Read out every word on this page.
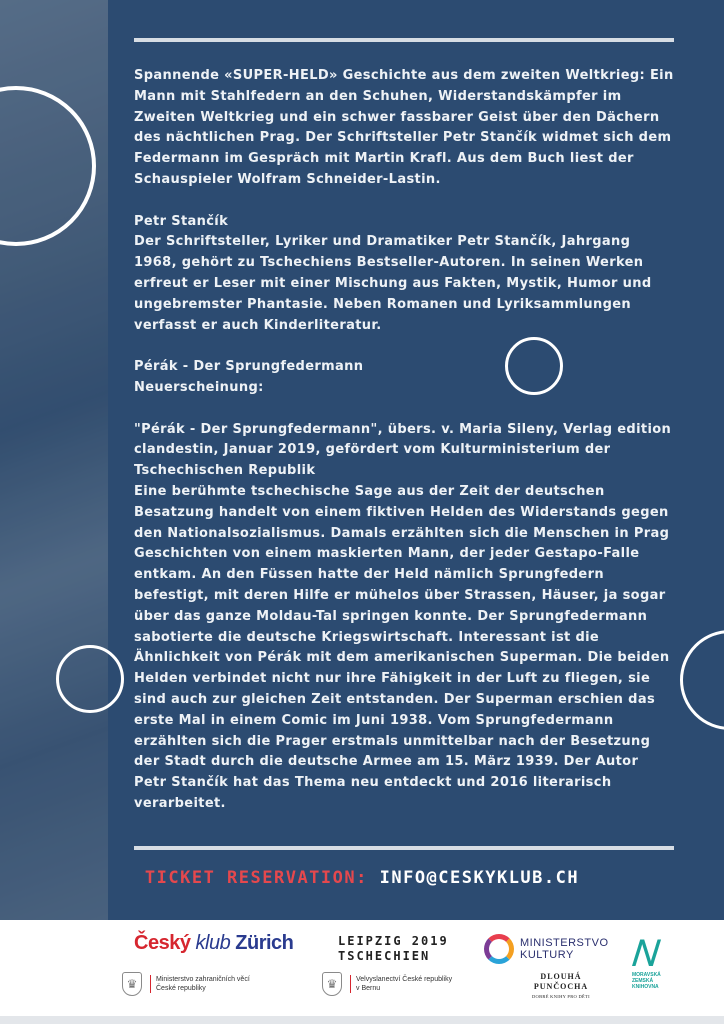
Spannende «SUPER-HELD» Geschichte aus dem zweiten Weltkrieg: Ein Mann mit Stahlfedern an den Schuhen, Widerstandskämpfer im Zweiten Weltkrieg und ein schwer fassbarer Geist über den Dächern des nächtlichen Prag. Der Schriftsteller Petr Stančík widmet sich dem Federmann im Gespräch mit Martin Krafl. Aus dem Buch liest der Schauspieler Wolfram Schneider-Lastin.

Petr Stančík

Der Schriftsteller, Lyriker und Dramatiker Petr Stančík, Jahrgang 1968, gehört zu Tschechiens Bestseller-Autoren. In seinen Werken erfreut er Leser mit einer Mischung aus Fakten, Mystik, Humor und ungebremster Phantasie. Neben Romanen und Lyriksammlungen verfasst er auch Kinderliteratur.

Pérák - Der Sprungfedermann

Neuerscheinung:

"Pérák - Der Sprungfedermann", übers. v. Maria Sileny, Verlag edition clandestin, Januar 2019, gefördert vom Kulturministerium der Tschechischen Republik

Eine berühmte tschechische Sage aus der Zeit der deutschen Besatzung handelt von einem fiktiven Helden des Widerstands gegen den Nationalsozialismus. Damals erzählten sich die Menschen in Prag Geschichten von einem maskierten Mann, der jeder Gestapo-Falle entkam. An den Füssen hatte der Held nämlich Sprungfedern befestigt, mit deren Hilfe er mühelos über Strassen, Häuser, ja sogar über das ganze Moldau-Tal springen konnte. Der Sprungfedermann sabotierte die deutsche Kriegswirtschaft. Interessant ist die Ähnlichkeit von Pérák mit dem amerikanischen Superman. Die beiden Helden verbindet nicht nur ihre Fähigkeit in der Luft zu fliegen, sie sind auch zur gleichen Zeit entstanden. Der Superman erschien das erste Mal in einem Comic im Juni 1938. Vom Sprungfedermann erzählten sich die Prager erstmals unmittelbar nach der Besetzung der Stadt durch die deutsche Armee am 15. März 1939. Der Autor Petr Stančík hat das Thema neu entdeckt und 2016 literarisch verarbeitet.

TICKET RESERVATION: INFO@CESKYKLUB.CH
Český klub Zürich
♛	Ministerstvo zahraničních věcí
České republiky
LEIPZIG 2019
TSCHECHIEN
♛	Velvyslanectví České republiky
v Bernu
MINISTERSTVO
KULTURY
DLOUHÁ
PUNČOCHA
DOBRÉ KNIHY PRO DĚTI
/\/
MORAVSKÁ
ZEMSKÁ
KNIHOVNA
